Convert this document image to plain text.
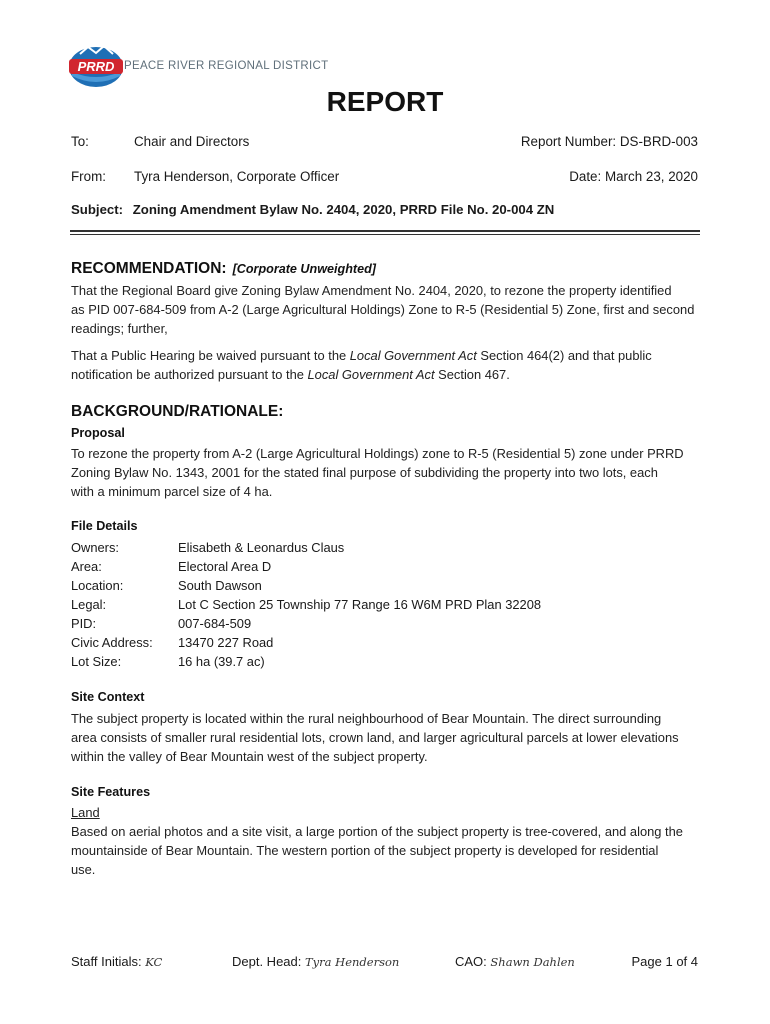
PRRD PEACE RIVER REGIONAL DISTRICT
REPORT
To:	Chair and Directors	Report Number: DS-BRD-003
From: Tyra Henderson, Corporate Officer	Date: March 23, 2020
Subject: Zoning Amendment Bylaw No. 2404, 2020, PRRD File No. 20-004 ZN
RECOMMENDATION: [Corporate Unweighted]
That the Regional Board give Zoning Bylaw Amendment No. 2404, 2020, to rezone the property identified
as PID 007-684-509 from A-2 (Large Agricultural Holdings) Zone to R-5 (Residential 5) Zone, first and second
readings; further,
That a Public Hearing be waived pursuant to the Local Government Act Section 464(2) and that public
notification be authorized pursuant to the Local Government Act Section 467.
BACKGROUND/RATIONALE:
Proposal
To rezone the property from A-2 (Large Agricultural Holdings) zone to R-5 (Residential 5) zone under PRRD
Zoning Bylaw No. 1343, 2001 for the stated final purpose of subdividing the property into two lots, each
with a minimum parcel size of 4 ha.
File Details
Owners:	Elisabeth & Leonardus Claus
Area:	Electoral Area D
Location:	South Dawson
Legal:	Lot C Section 25 Township 77 Range 16 W6M PRD Plan 32208
PID:	007-684-509
Civic Address: 13470 227 Road
Lot Size:	16 ha (39.7 ac)
Site Context
The subject property is located within the rural neighbourhood of Bear Mountain. The direct surrounding
area consists of smaller rural residential lots, crown land, and larger agricultural parcels at lower elevations
within the valley of Bear Mountain west of the subject property.
Site Features
Land
Based on aerial photos and a site visit, a large portion of the subject property is tree-covered, and along the
mountainside of Bear Mountain. The western portion of the subject property is developed for residential
use.
Staff Initials: KC	Dept. Head: Tyra Henderson	CAO: Shawn Dahlen	Page 1 of 4
